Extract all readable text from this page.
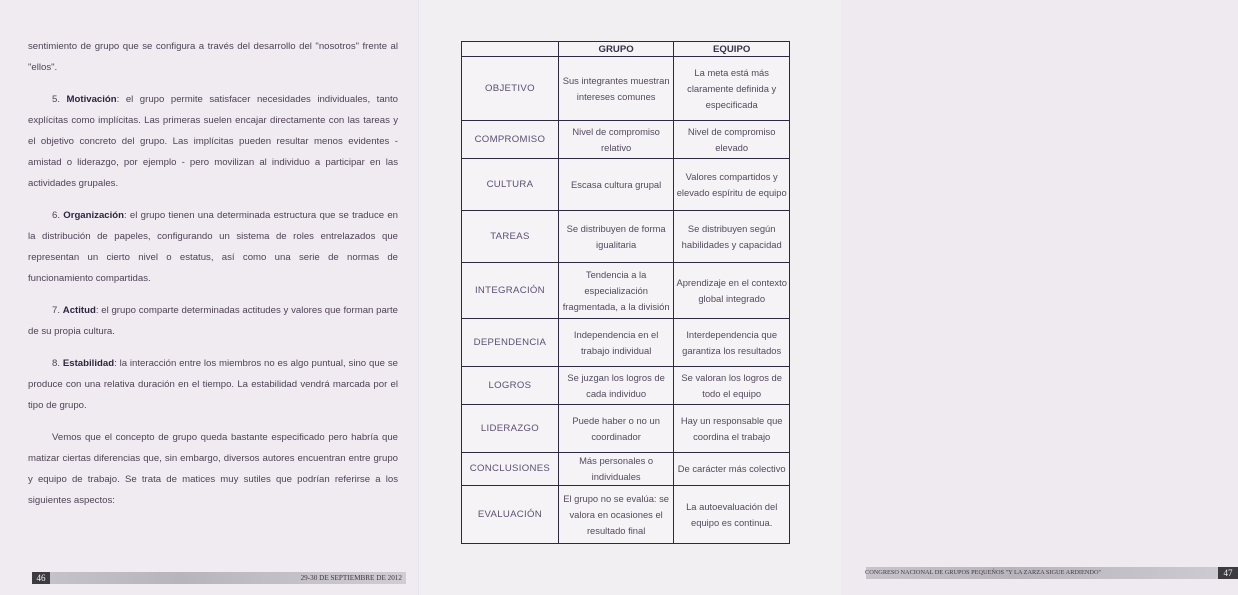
sentimiento de grupo que se configura a través del desarrollo del "nosotros" frente al "ellos".

5. Motivación: el grupo permite satisfacer necesidades individuales, tanto explícitas como implícitas. Las primeras suelen encajar directamente con las tareas y el objetivo concreto del grupo. Las implícitas pueden resultar menos evidentes - amistad o liderazgo, por ejemplo - pero movilizan al individuo a participar en las actividades grupales.

6. Organización: el grupo tienen una determinada estructura que se traduce en la distribución de papeles, configurando un sistema de roles entrelazados que representan un cierto nivel o estatus, así como una serie de normas de funcionamiento compartidas.

7. Actitud: el grupo comparte determinadas actitudes y valores que forman parte de su propia cultura.

8. Estabilidad: la interacción entre los miembros no es algo puntual, sino que se produce con una relativa duración en el tiempo. La estabilidad vendrá marcada por el tipo de grupo.

Vemos que el concepto de grupo queda bastante especificado pero habría que matizar ciertas diferencias que, sin embargo, diversos autores encuentran entre grupo y equipo de trabajo. Se trata de matices muy sutiles que podrían referirse a los siguientes aspectos:

46	29-30 DE SEPTIEMBRE DE 2012
CONGRESO NACIONAL DE GRUPOS PEQUEÑOS "Y LA ZARZA SIGUE ARDIENDO"	47
	GRUPO	EQUIPO
OBJETIVO	Sus integrantes muestran intereses comunes	La meta está más claramente definida y especificada
COMPROMISO	Nivel de compromiso relativo	Nivel de compromiso elevado
CULTURA	Escasa cultura grupal	Valores compartidos y elevado espíritu de equipo
TAREAS	Se distribuyen de forma igualitaria	Se distribuyen según habilidades y capacidad
INTEGRACIÓN	Tendencia a la especialización fragmentada, a la división	Aprendizaje en el contexto global integrado
DEPENDENCIA	Independencia en el trabajo individual	Interdependencia que garantiza los resultados
LOGROS	Se juzgan los logros de cada individuo	Se valoran los logros de todo el equipo
LIDERAZGO	Puede haber o no un coordinador	Hay un responsable que coordina el trabajo
CONCLUSIONES	Más personales o individuales	De carácter más colectivo
EVALUACIÓN	El grupo no se evalúa: se valora en ocasiones el resultado final	La autoevaluación del equipo es continua.
